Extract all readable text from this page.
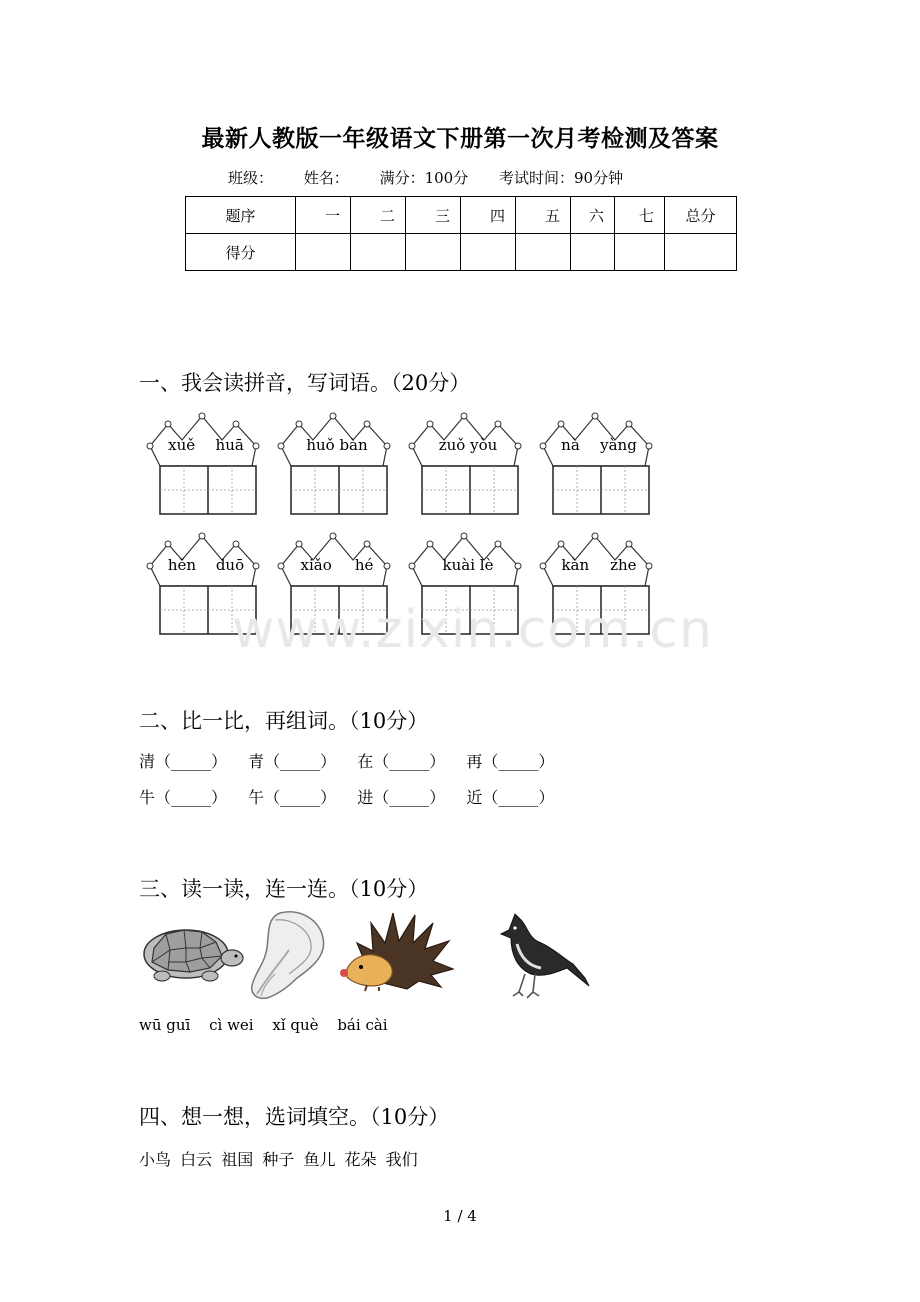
最新人教版一年级语文下册第一次月考检测及答案
班级： 姓名： 满分：100分 考试时间：90分钟
题序	一	二	三	四	五	六	七	总分
得分								
一、我会读拼音，写词语。（20分）
xuě huā	huǒ bàn	zuǒ yòu	nà yàng
hěn duō	xiǎo hé	kuài lè	kàn zhe
www.zixin.com.cn
二、比一比，再组词。（10分）
清（_____） 青（_____） 在（_____） 再（_____）
牛（_____） 午（_____） 进（_____） 近（_____）
三、读一读，连一连。（10分）
wū guī cì wei xǐ què bái cài
四、想一想，选词填空。（10分）
小鸟 白云 祖国 种子 鱼儿 花朵 我们
1 / 4
